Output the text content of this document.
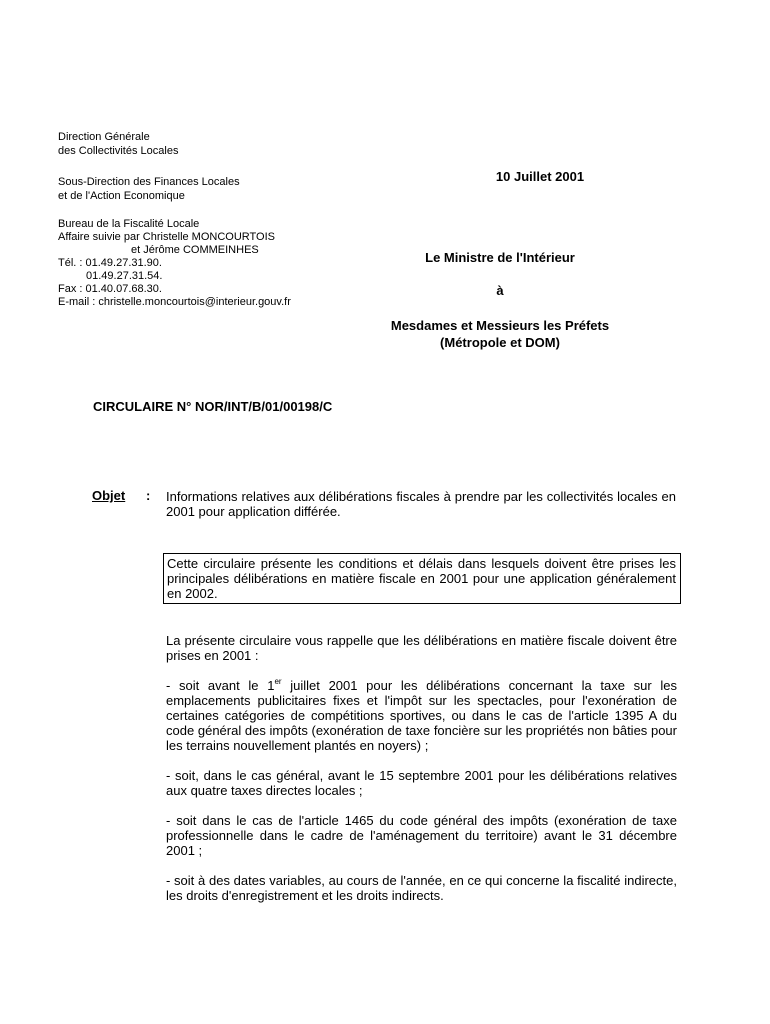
Direction Générale
des Collectivités Locales
Sous-Direction des Finances Locales
et de l'Action Economique
Bureau de la Fiscalité Locale
Affaire suivie par Christelle MONCOURTOIS
et Jérôme COMMEINHES
Tél. : 01.49.27.31.90.
01.49.27.31.54.
Fax : 01.40.07.68.30.
E-mail : christelle.moncourtois@interieur.gouv.fr
10 Juillet 2001
Le Ministre de l'Intérieur
à
Mesdames et Messieurs les Préfets
(Métropole et DOM)
CIRCULAIRE N° NOR/INT/B/01/00198/C
Objet : Informations relatives aux délibérations fiscales à prendre par les collectivités locales en 2001 pour application différée.
Cette circulaire présente les conditions et délais dans lesquels doivent être prises les principales délibérations en matière fiscale en 2001 pour une application généralement en 2002.

La présente circulaire vous rappelle que les délibérations en matière fiscale doivent être prises en 2001 :

- soit avant le 1er juillet 2001 pour les délibérations concernant la taxe sur les emplacements publicitaires fixes et l'impôt sur les spectacles, pour l'exonération de certaines catégories de compétitions sportives, ou dans le cas de l'article 1395 A du code général des impôts (exonération de taxe foncière sur les propriétés non bâties pour les terrains nouvellement plantés en noyers) ;

- soit, dans le cas général, avant le 15 septembre 2001 pour les délibérations relatives aux quatre taxes directes locales ;

- soit dans le cas de l'article 1465 du code général des impôts (exonération de taxe professionnelle dans le cadre de l'aménagement du territoire) avant le 31 décembre 2001 ;

- soit à des dates variables, au cours de l'année, en ce qui concerne la fiscalité indirecte, les droits d'enregistrement et les droits indirects.
